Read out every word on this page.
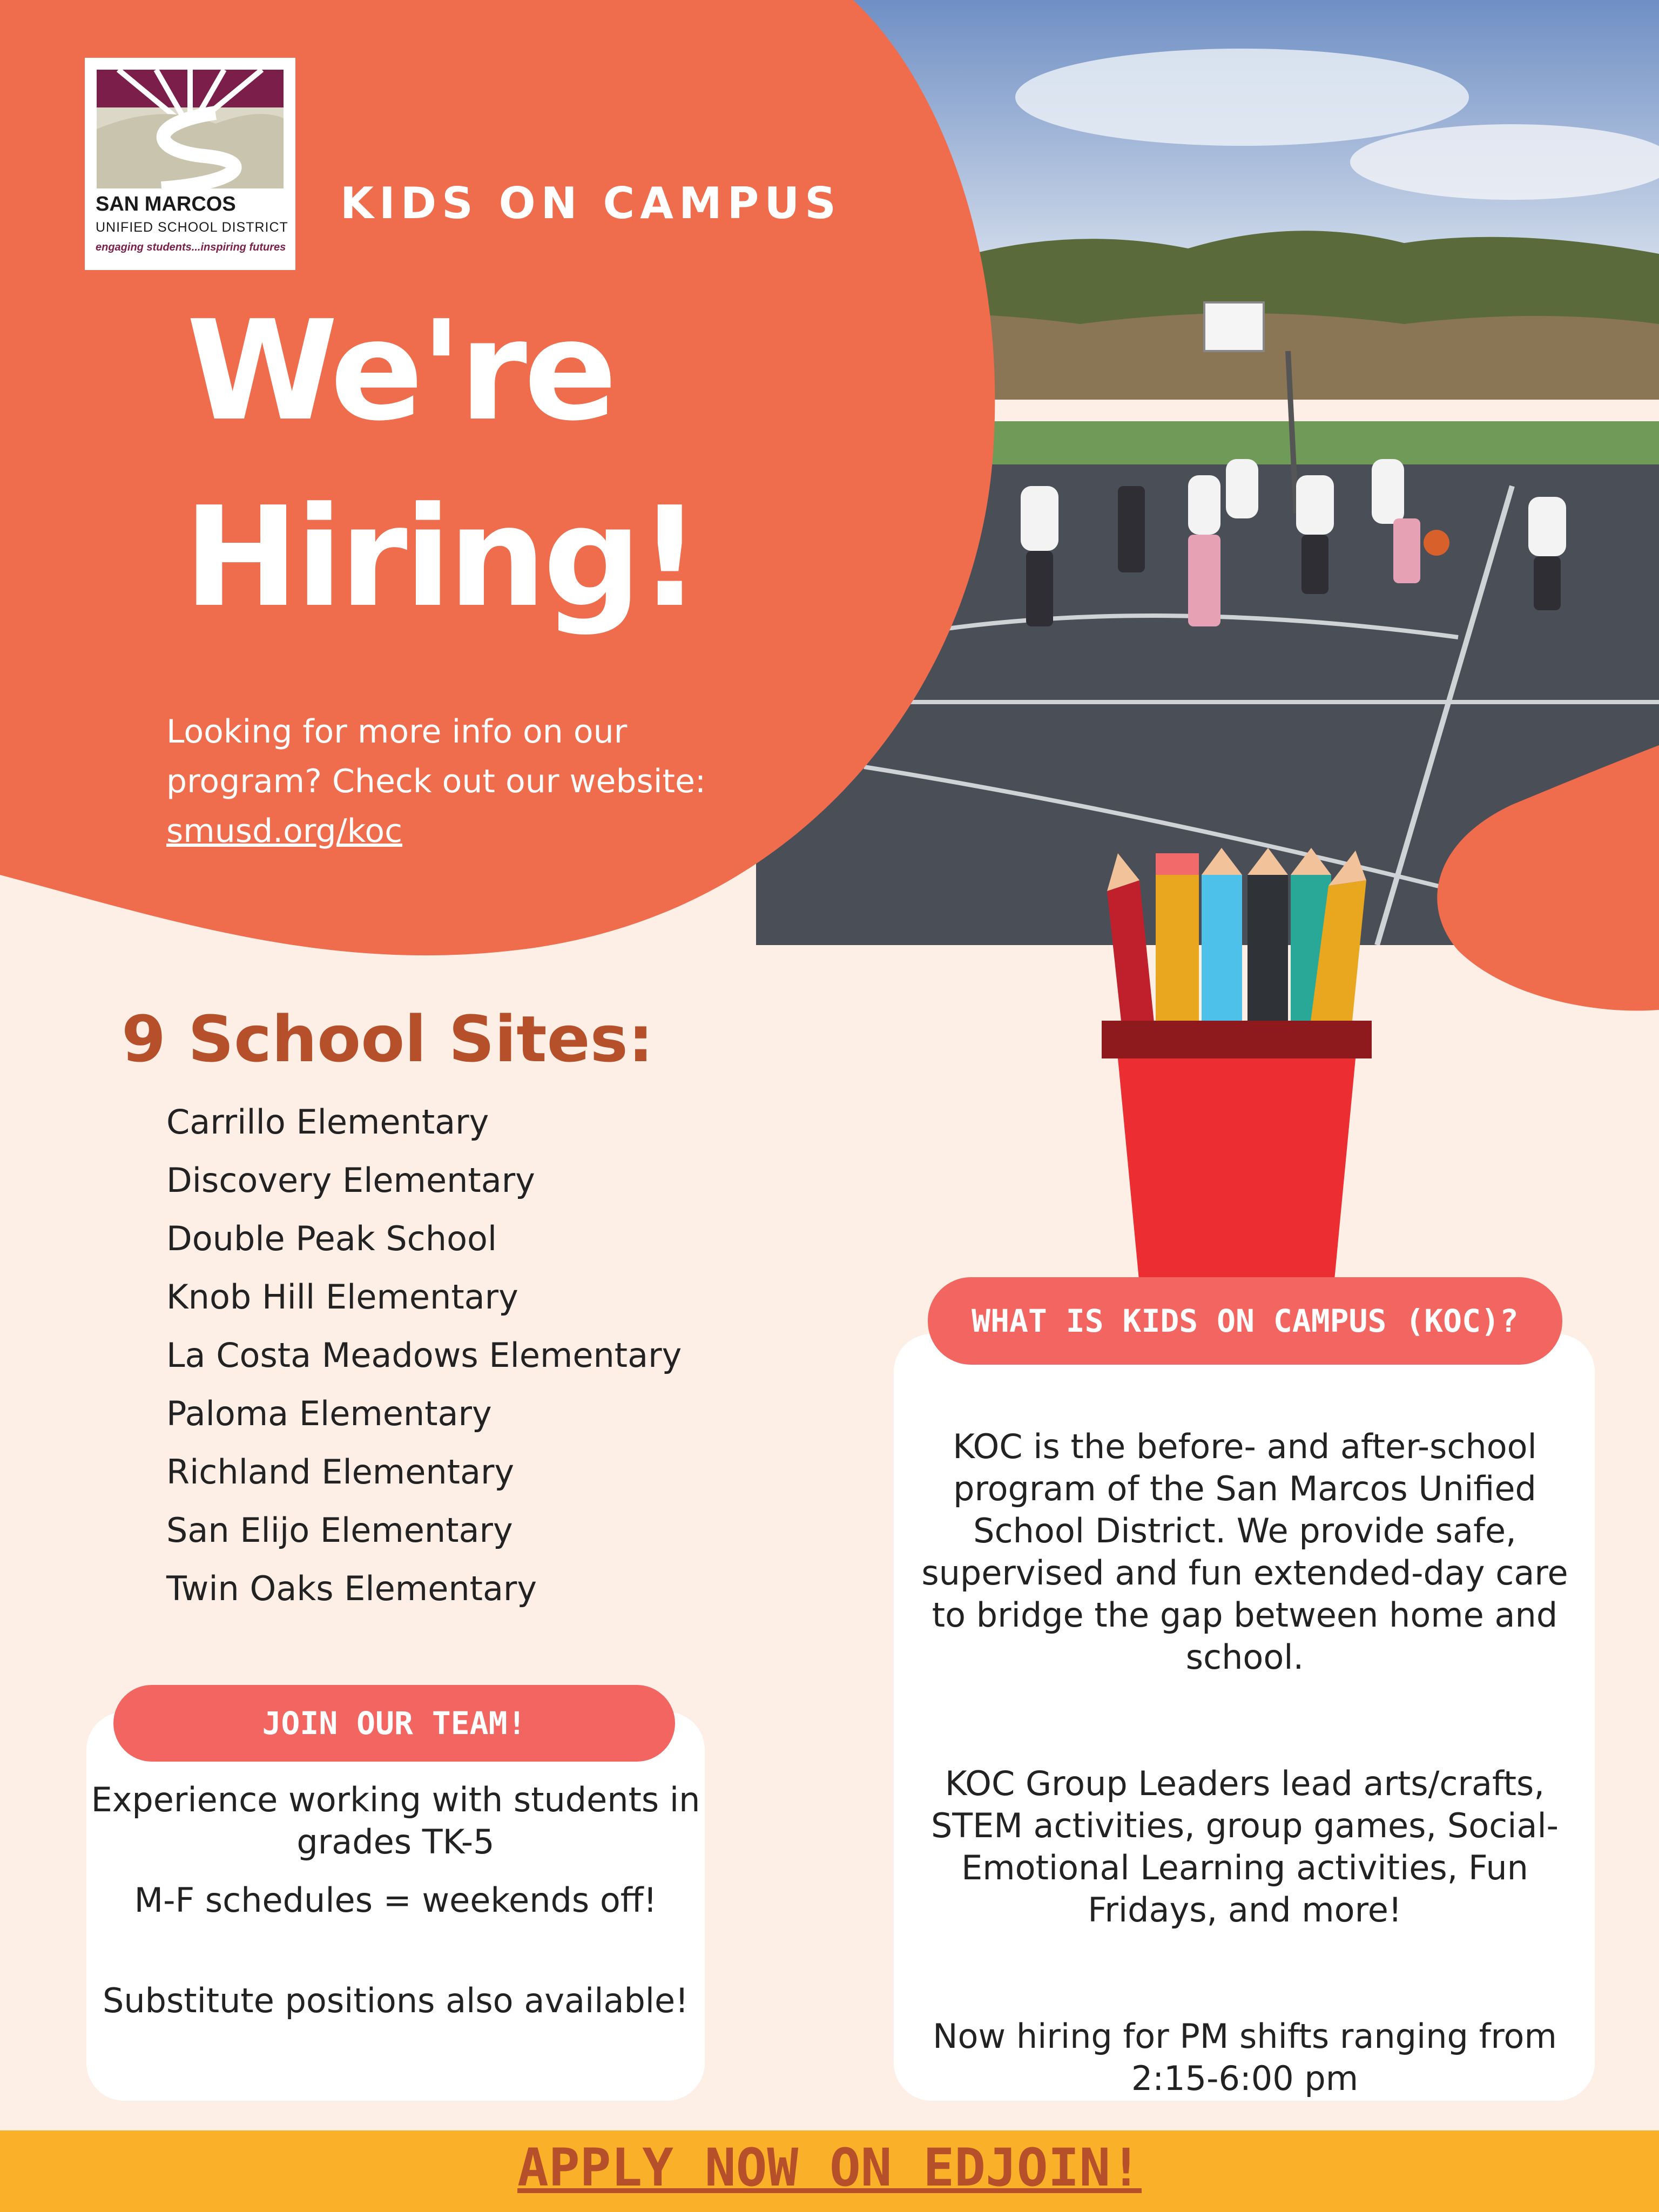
SAN MARCOS
UNIFIED SCHOOL DISTRICT
engaging students...inspiring futures
KIDS ON CAMPUS
We're
Hiring!
Looking for more info on our
program? Check out our website:
smusd.org/koc
9 School Sites:
Carrillo Elementary
Discovery Elementary
Double Peak School
Knob Hill Elementary
La Costa Meadows Elementary
Paloma Elementary
Richland Elementary
San Elijo Elementary
Twin Oaks Elementary
JOIN OUR TEAM!
Experience working with students in grades TK-5
M-F schedules = weekends off!
Substitute positions also available!
WHAT IS KIDS ON CAMPUS (KOC)?
KOC is the before- and after-school program of the San Marcos Unified School District. We provide safe, supervised and fun extended-day care to bridge the gap between home and school.
KOC Group Leaders lead arts/crafts, STEM activities, group games, Social-Emotional Learning activities, Fun Fridays, and more!
Now hiring for PM shifts ranging from 2:15-6:00 pm
APPLY NOW ON EDJOIN!
